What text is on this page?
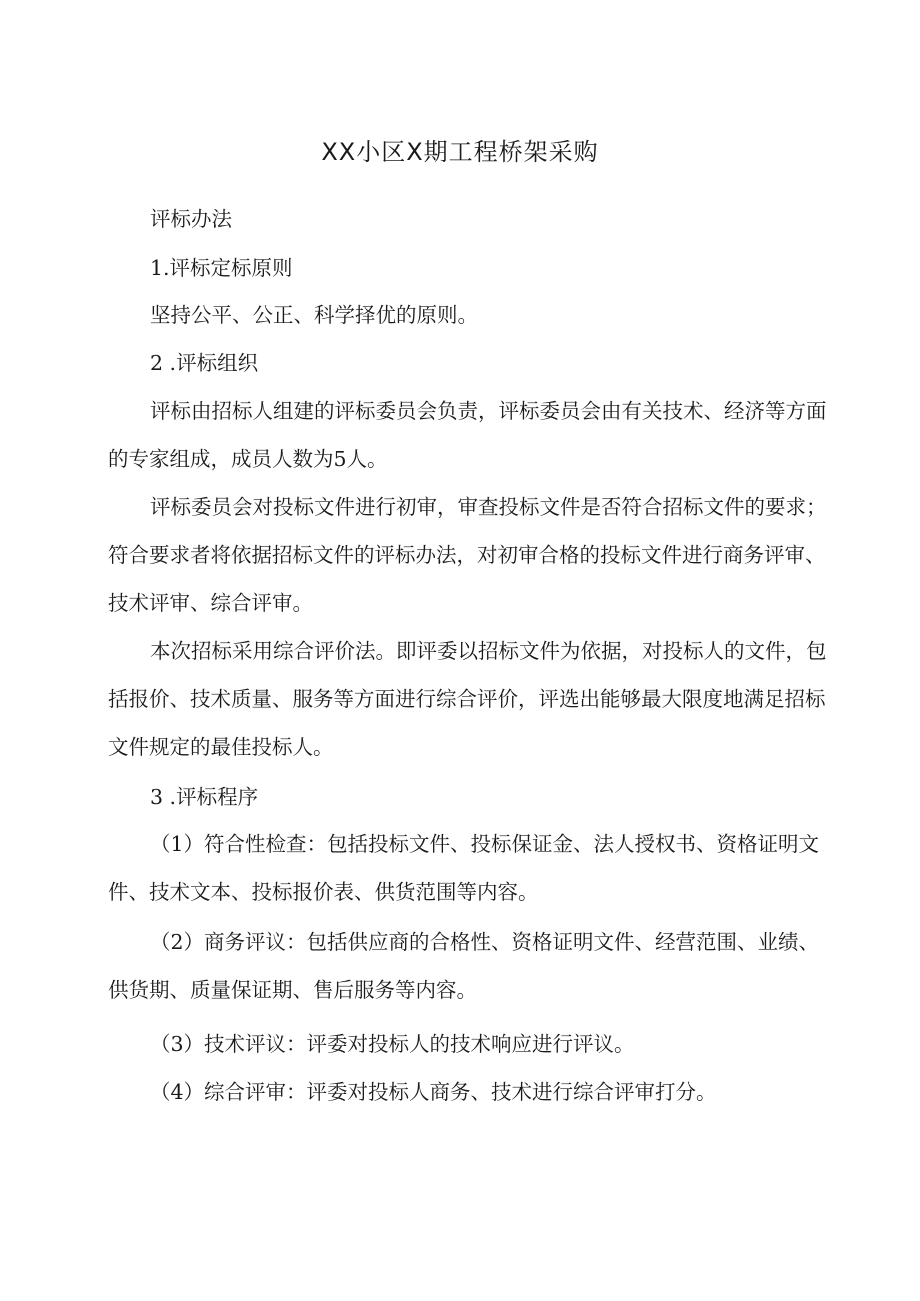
XX小区X期工程桥架采购
评标办法
1.评标定标原则
坚持公平、公正、科学择优的原则。
2 .评标组织
评标由招标人组建的评标委员会负责，评标委员会由有关技术、经济等方面
的专家组成，成员人数为5人。
评标委员会对投标文件进行初审，审查投标文件是否符合招标文件的要求；
符合要求者将依据招标文件的评标办法，对初审合格的投标文件进行商务评审、
技术评审、综合评审。
本次招标采用综合评价法。即评委以招标文件为依据，对投标人的文件，包
括报价、技术质量、服务等方面进行综合评价，评选出能够最大限度地满足招标
文件规定的最佳投标人。
3 .评标程序
（1）符合性检查：包括投标文件、投标保证金、法人授权书、资格证明文
件、技术文本、投标报价表、供货范围等内容。
（2）商务评议：包括供应商的合格性、资格证明文件、经营范围、业绩、
供货期、质量保证期、售后服务等内容。
（3）技术评议：评委对投标人的技术响应进行评议。
（4）综合评审：评委对投标人商务、技术进行综合评审打分。
